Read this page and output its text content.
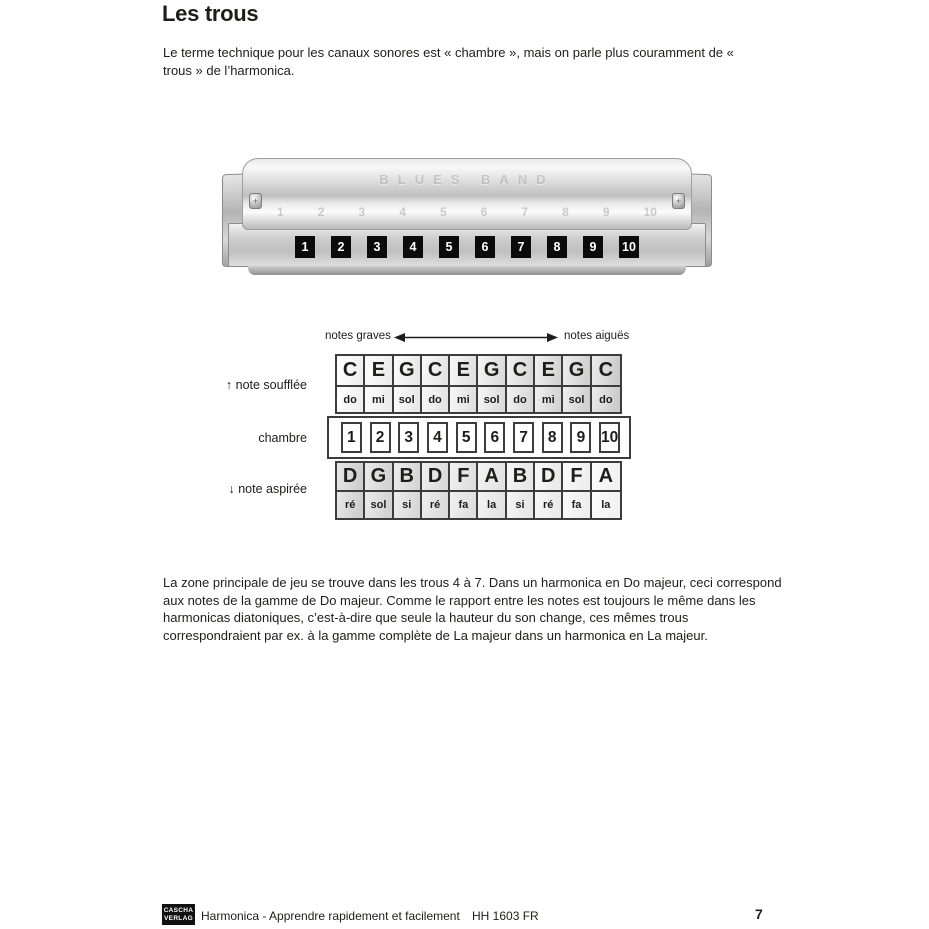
Les trous

Le terme technique pour les canaux sonores est « chambre », mais on parle plus couramment de « trous » de l’harmonica.

BLUES BAND
1	2	3	4	5	6	7	8	9	10
+	+
1	2	3	4	5	6	7	8	9	10
notes graves	notes aiguës
↑ note soufflée
chambre
↓ note aspirée
C E G C E G C E G C
do	mi	sol	do	mi	sol	do	mi	sol	do
1	2	3	4	5	6	7	8	9	10
D G B D F A B D F A
ré	sol	si	ré	fa	la	si	ré	fa	la

La zone principale de jeu se trouve dans les trous 4 à 7. Dans un harmonica en Do majeur, ceci correspond aux notes de la gamme de Do majeur. Comme le rapport entre les notes est toujours le même dans les harmonicas diatoniques, c’est-à-dire que seule la hauteur du son change, ces mêmes trous correspondraient par ex. à la gamme complète de La majeur dans un harmonica en La majeur.

CASCHA
VERLAG Harmonica - Apprendre rapidement et facilement HH 1603 FR	7
